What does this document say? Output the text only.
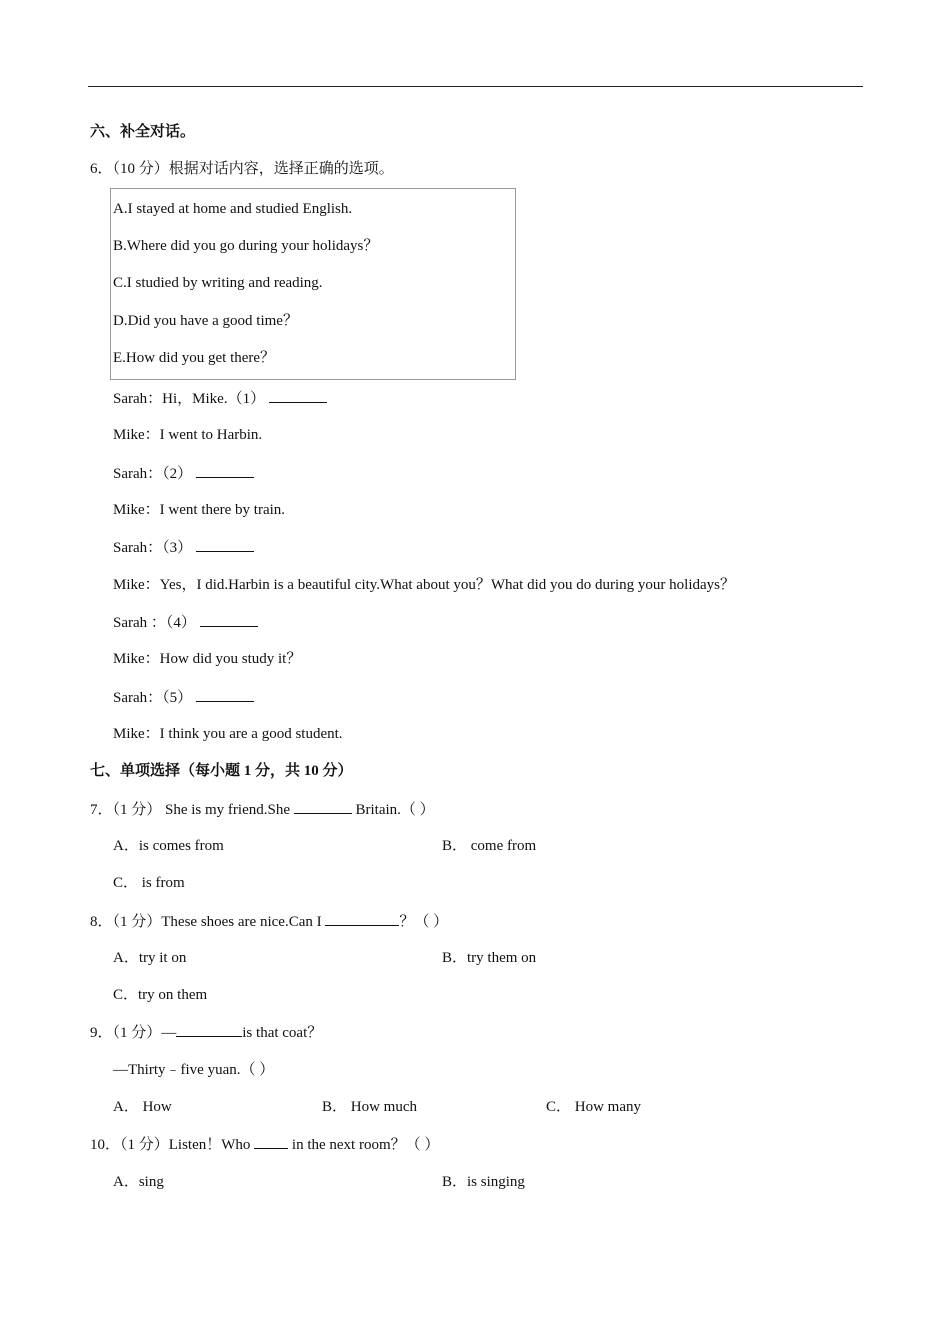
六、补全对话。
6．（10 分）根据对话内容，选择正确的选项。
A.I stayed at home and studied English.
B.Where did you go during your holidays？
C.I studied by writing and reading.
D.Did you have a good time？
E.How did you get there？
Sarah：Hi，Mike.（1）
Mike：I went to Harbin.
Sarah：（2）
Mike：I went there by train.
Sarah：（3）
Mike：Yes，I did.Harbin is a beautiful city.What about you？What did you do during your holidays？
Sarah ：（4）
Mike：How did you study it？
Sarah：（5）
Mike：I think you are a good student.
七、单项选择（每小题 1 分，共 10 分）
7．（1 分） She is my friend.She	Britain.（ ）
A．is comes from	B． come from
C． is from
8．（1 分）These shoes are nice.Can I	？（ ）
A．try it on	B．try them on
C．try on them
9．（1 分）—	is that coat？
—Thirty﹣five yuan.（ ）
A． How	B． How much	C． How many
10．（1 分）Listen！Who	in the next room？（ ）
A．sing	B．is singing
